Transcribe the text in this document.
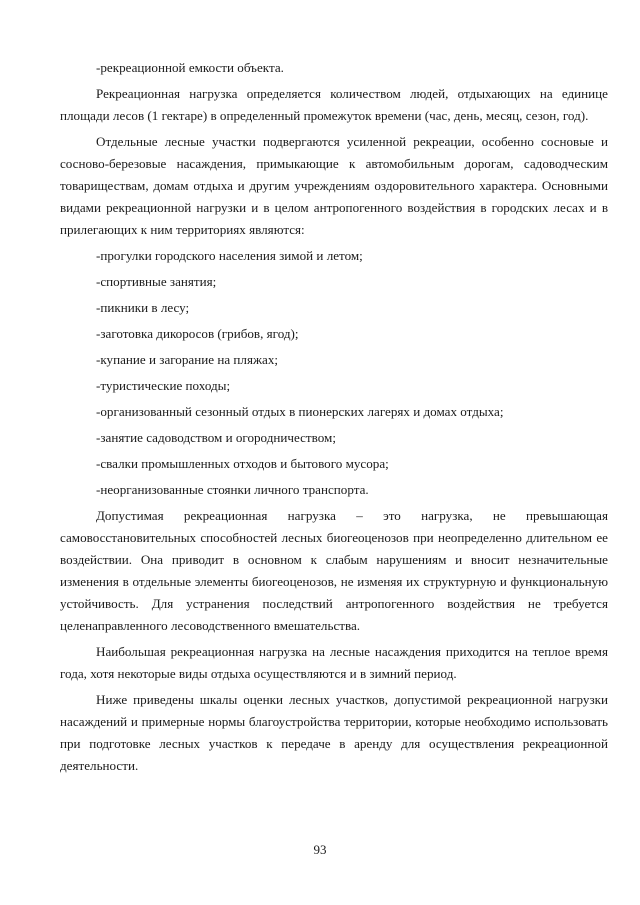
-рекреационной емкости объекта.

Рекреационная нагрузка определяется количеством людей, отдыхающих на единице площади лесов (1 гектаре) в определенный промежуток времени (час, день, месяц, сезон, год).

Отдельные лесные участки подвергаются усиленной рекреации, особенно сосновые и сосново-березовые насаждения, примыкающие к автомобильным дорогам, садоводческим товариществам, домам отдыха и другим учреждениям оздоровительного характера. Основными видами рекреационной нагрузки и в целом антропогенного воздействия в городских лесах и в прилегающих к ним территориях являются:

-прогулки городского населения зимой и летом;

-спортивные занятия;

-пикники в лесу;

-заготовка дикоросов (грибов, ягод);

-купание и загорание на пляжах;

-туристические походы;

-организованный сезонный отдых в пионерских лагерях и домах отдыха;

-занятие садоводством и огородничеством;

-свалки промышленных отходов и бытового мусора;

-неорганизованные стоянки личного транспорта.

Допустимая рекреационная нагрузка – это нагрузка, не превышающая самовосстановительных способностей лесных биогеоценозов при неопределенно длительном ее воздействии. Она приводит в основном к слабым нарушениям и вносит незначительные изменения в отдельные элементы биогеоценозов, не изменяя их структурную и функциональную устойчивость. Для устранения последствий антропогенного воздействия не требуется целенаправленного лесоводственного вмешательства.

Наибольшая рекреационная нагрузка на лесные насаждения приходится на теплое время года, хотя некоторые виды отдыха осуществляются и в зимний период.

Ниже приведены шкалы оценки лесных участков, допустимой рекреационной нагрузки насаждений и примерные нормы благоустройства территории, которые необходимо использовать при подготовке лесных участков к передаче в аренду для осуществления рекреационной деятельности.

93
